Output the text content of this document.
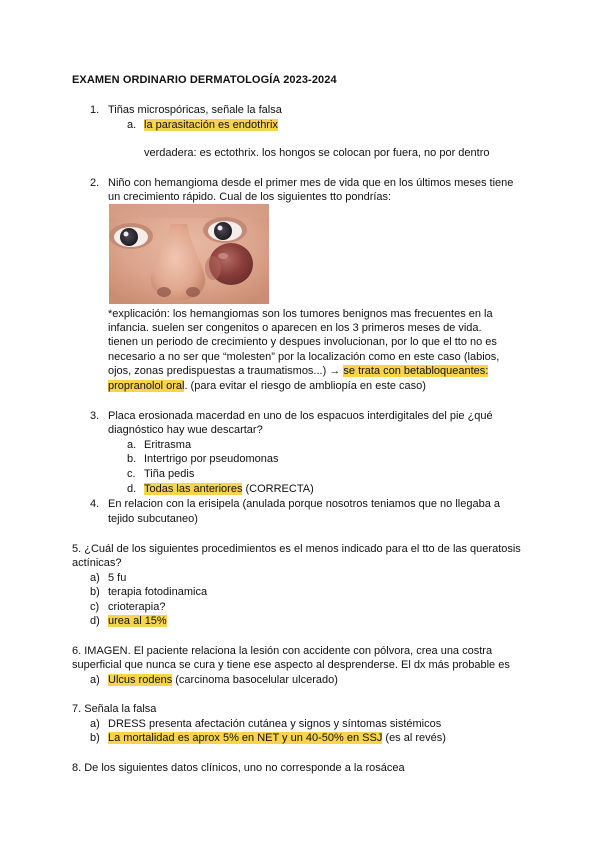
EXAMEN ORDINARIO DERMATOLOGÍA 2023-2024
1. Tiñas microspóricas, señale la falsa
a. la parasitación es endothrix
verdadera: es ectothrix. los hongos se colocan por fuera, no por dentro
2. Niño con hemangioma desde el primer mes de vida que en los últimos meses tiene
un crecimiento rápido. Cual de los siguientes tto pondrías:
*explicación: los hemangiomas son los tumores benignos mas frecuentes en la
infancia. suelen ser congenitos o aparecen en los 3 primeros meses de vida.
tienen un periodo de crecimiento y despues involucionan, por lo que el tto no es
necesario a no ser que “molesten” por la localización como en este caso (labios,
ojos, zonas predispuestas a traumatismos...) → se trata con betabloqueantes:
propranolol oral. (para evitar el riesgo de ambliopía en este caso)
3. Placa erosionada macerdad en uno de los espacuos interdigitales del pie ¿qué
diagnóstico hay wue descartar?
a. Eritrasma
b. Intertrigo por pseudomonas
c. Tiña pedis
d. Todas las anteriores (CORRECTA)
4. En relacion con la erisipela (anulada porque nosotros teniamos que no llegaba a
tejido subcutaneo)
5. ¿Cuál de los siguientes procedimientos es el menos indicado para el tto de las queratosis
actínicas?
a) 5 fu
b) terapia fotodinamica
c) crioterapia?
d) urea al 15%
6. IMAGEN. El paciente relaciona la lesión con accidente con pólvora, crea una costra
superficial que nunca se cura y tiene ese aspecto al desprenderse. El dx más probable es
a) Ulcus rodens (carcinoma basocelular ulcerado)
7. Señala la falsa
a) DRESS presenta afectación cutánea y signos y síntomas sistémicos
b) La mortalidad es aprox 5% en NET y un 40-50% en SSJ (es al revés)
8. De los siguientes datos clínicos, uno no corresponde a la rosácea
